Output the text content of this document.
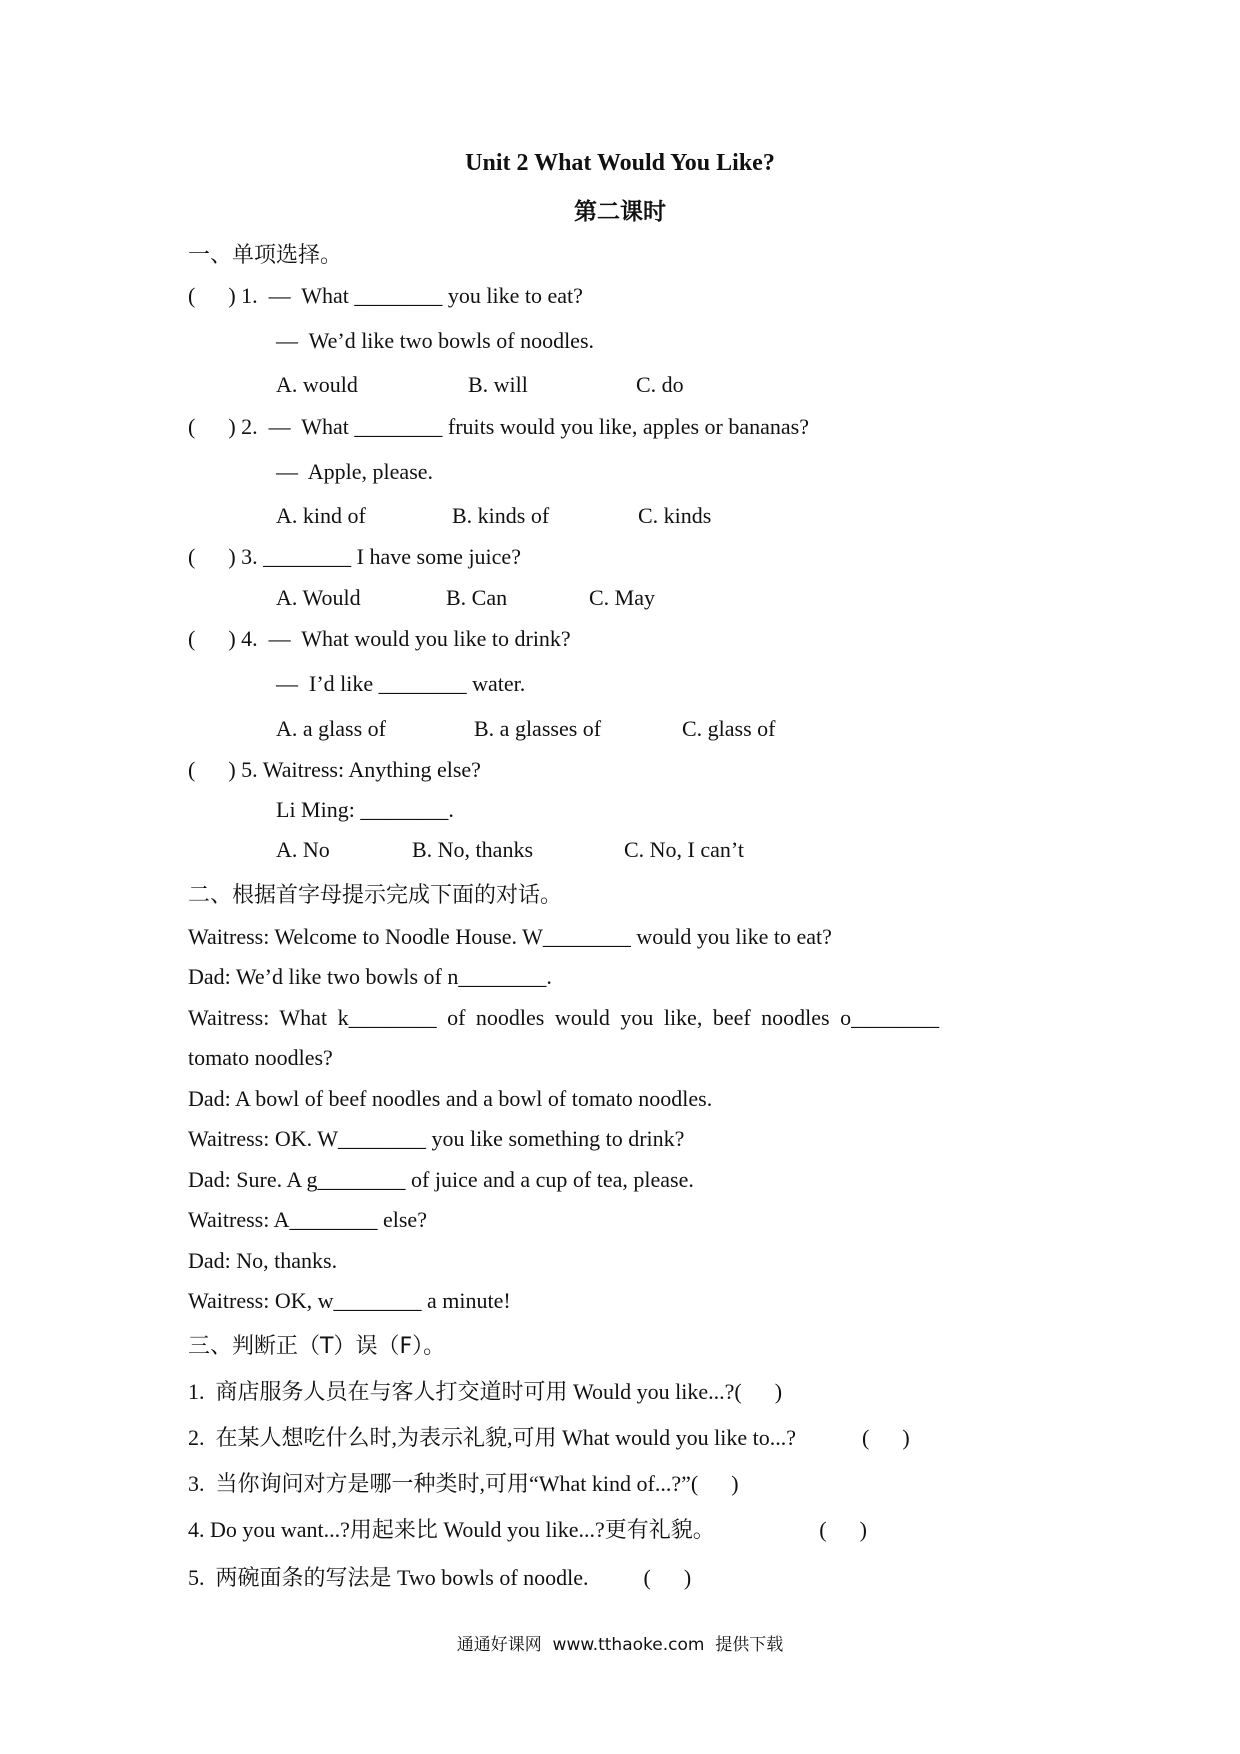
Unit 2 What Would You Like?
第二课时
一、单项选择。
(      ) 1.  —  What ________ you like to eat?
—  We’d like two bowls of noodles.
A. would	B. will	C. do
(      ) 2.  —  What ________ fruits would you like, apples or bananas?
—  Apple, please.
A. kind of	B. kinds of	C. kinds
(      ) 3. ________ I have some juice?
A. Would	B. Can	C. May
(      ) 4.  —  What would you like to drink?
—  I’d like ________ water.
A. a glass of	B. a glasses of	C. glass of
(      ) 5. Waitress: Anything else?
Li Ming: ________.
A. No	B. No, thanks	C. No, I can’t
二、根据首字母提示完成下面的对话。
Waitress: Welcome to Noodle House. W________ would you like to eat?
Dad: We’d like two bowls of n________.
Waitress: What k________ of noodles would you like, beef noodles o________
tomato noodles?
Dad: A bowl of beef noodles and a bowl of tomato noodles.
Waitress: OK. W________ you like something to drink?
Dad: Sure. A g________ of juice and a cup of tea, please.
Waitress: A________ else?
Dad: No, thanks.
Waitress: OK, w________ a minute!
三、判断正（T）误（F）。
1.  商店服务人员在与客人打交道时可用 Would you like...?(      )
2.  在某人想吃什么时,为表示礼貌,可用 What would you like to...?            (      )
3.  当你询问对方是哪一种类时,可用“What kind of...?”(      )
4. Do you want...?用起来比 Would you like...?更有礼貌。                   (      )
5.  两碗面条的写法是 Two bowls of noodle.          (      )
通通好课网  www.tthaoke.com  提供下载
